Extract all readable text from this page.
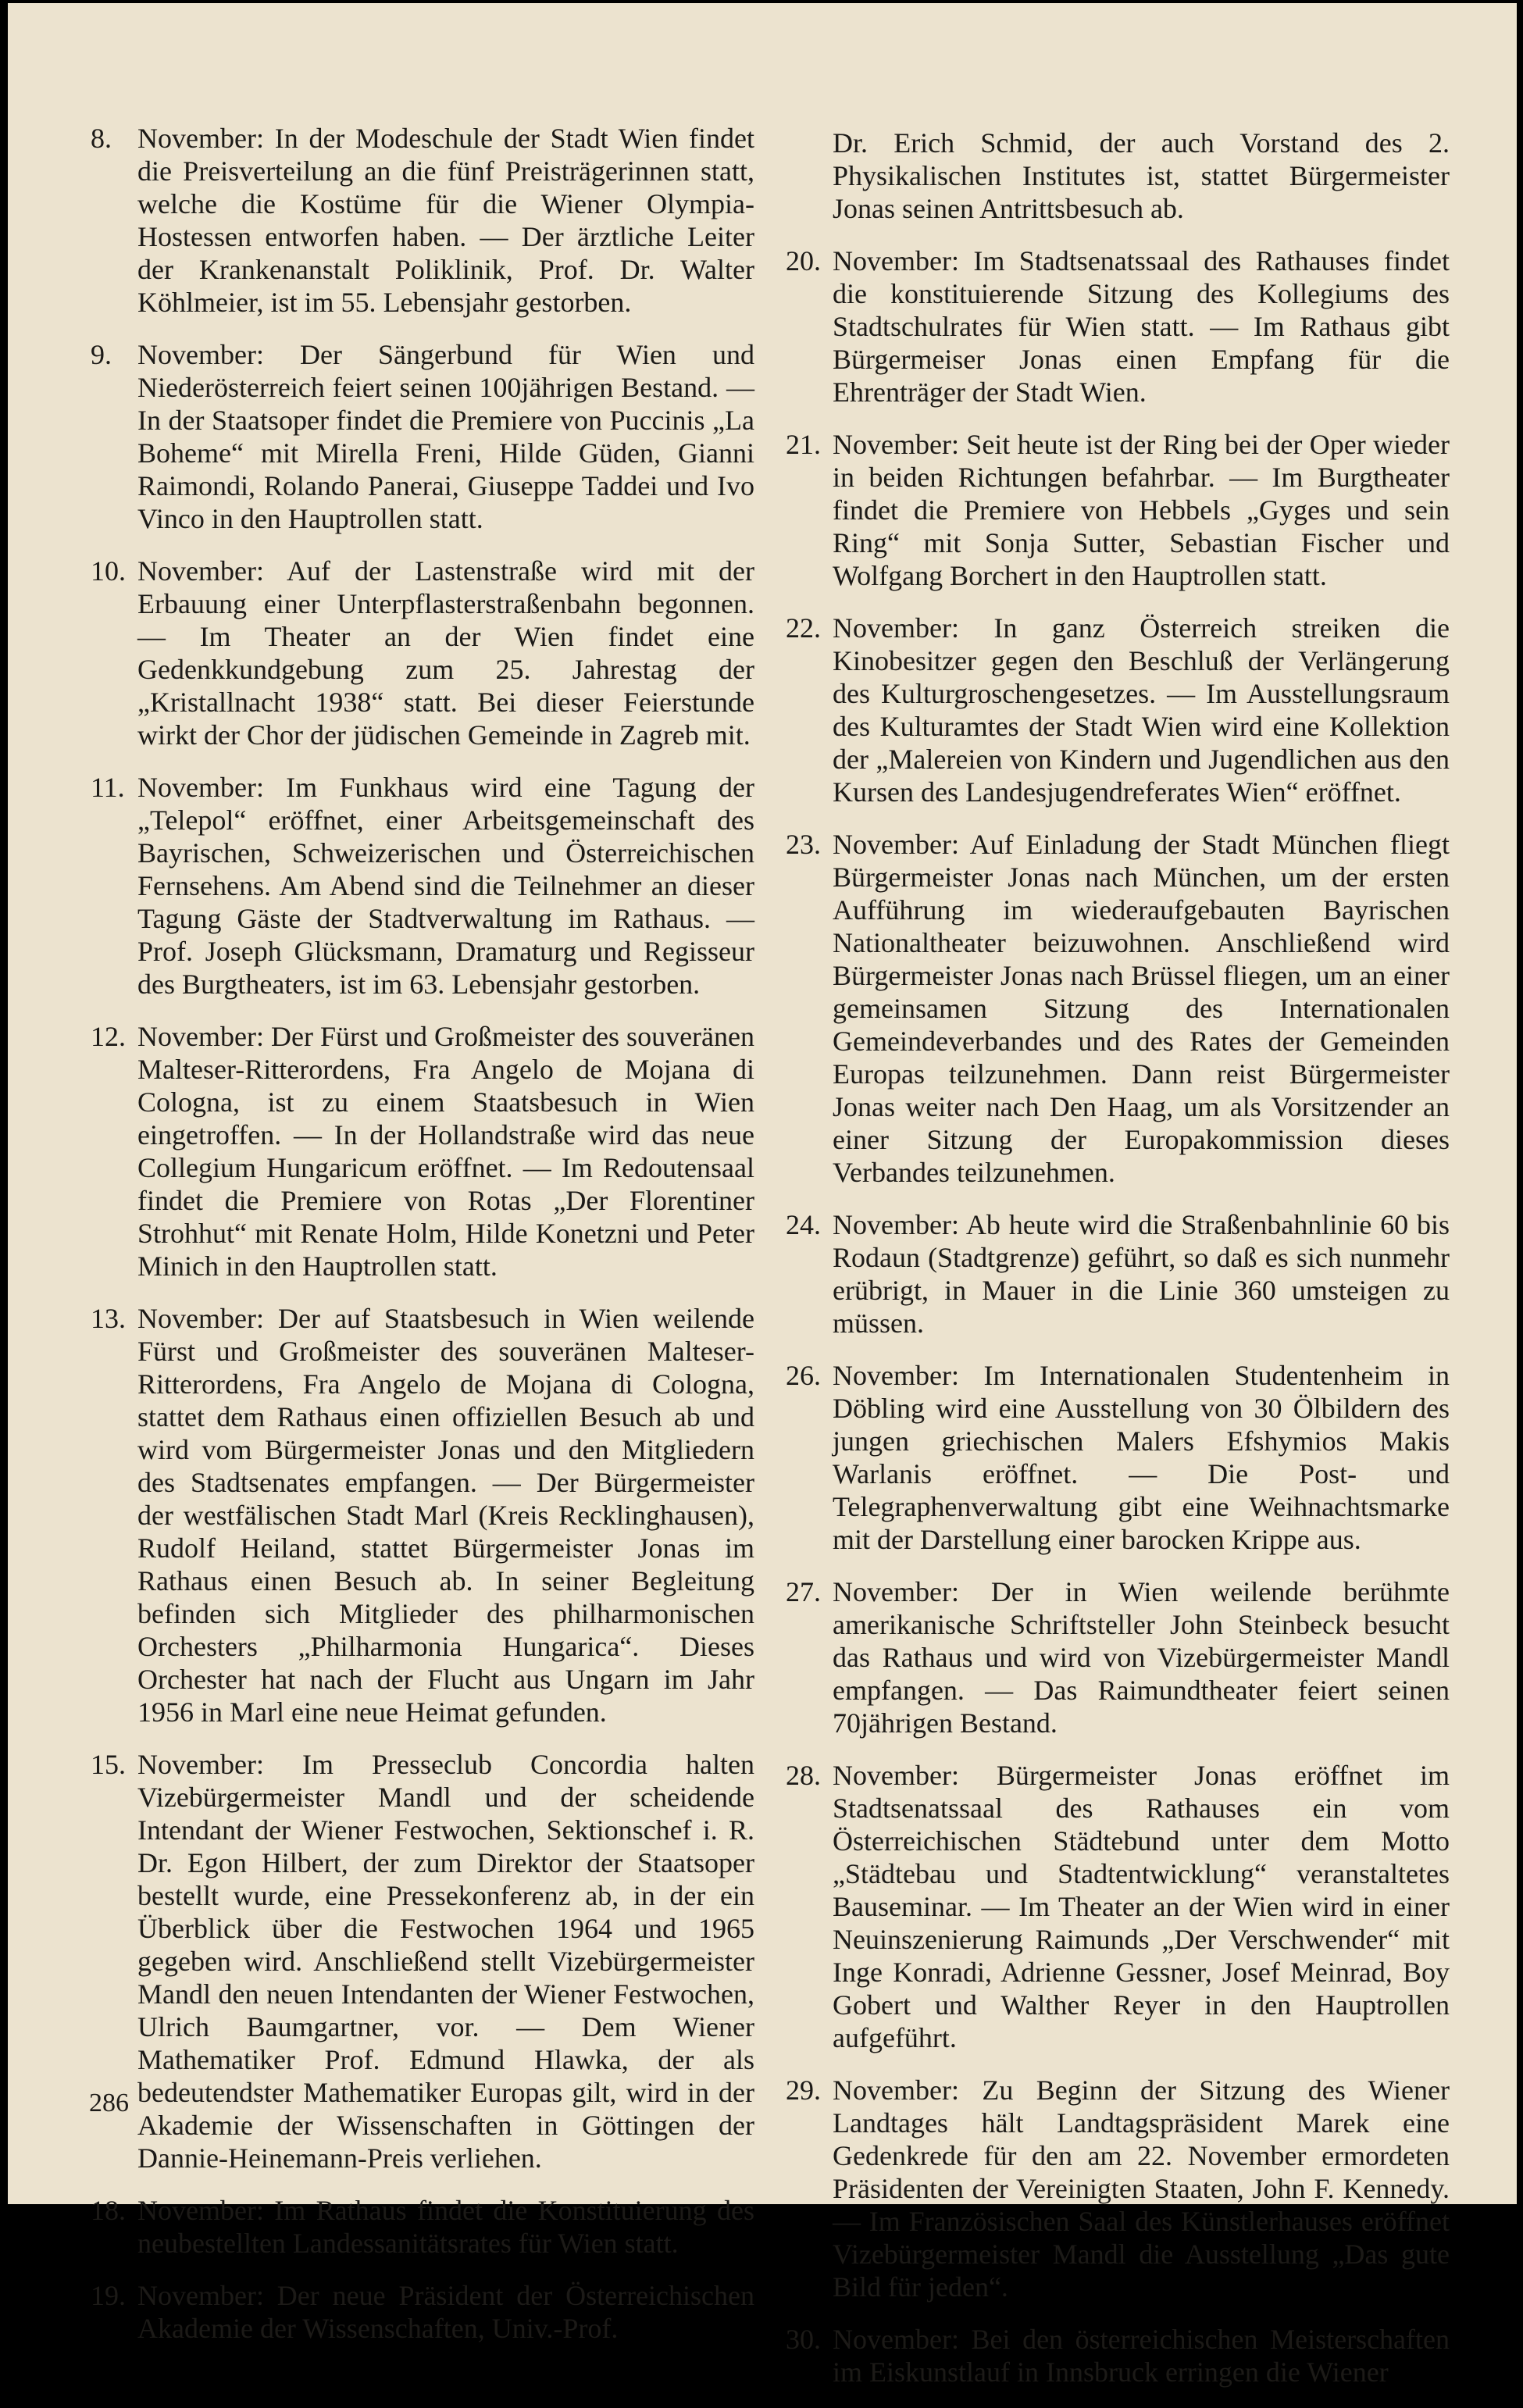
8. November: In der Modeschule der Stadt Wien findet die Preisverteilung an die fünf Preisträgerinnen statt, welche die Kostüme für die Wiener Olympia-Hostessen entworfen haben. — Der ärztliche Leiter der Krankenanstalt Poliklinik, Prof. Dr. Walter Köhlmeier, ist im 55. Lebensjahr gestorben.
9. November: Der Sängerbund für Wien und Niederösterreich feiert seinen 100jährigen Bestand. — In der Staatsoper findet die Premiere von Puccinis „La Boheme“ mit Mirella Freni, Hilde Güden, Gianni Raimondi, Rolando Panerai, Giuseppe Taddei und Ivo Vinco in den Hauptrollen statt.
10. November: Auf der Lastenstraße wird mit der Erbauung einer Unterpflasterstraßenbahn begonnen. — Im Theater an der Wien findet eine Gedenkkundgebung zum 25. Jahrestag der „Kristallnacht 1938“ statt. Bei dieser Feierstunde wirkt der Chor der jüdischen Gemeinde in Zagreb mit.
11. November: Im Funkhaus wird eine Tagung der „Telepol“ eröffnet, einer Arbeitsgemeinschaft des Bayrischen, Schweizerischen und Österreichischen Fernsehens. Am Abend sind die Teilnehmer an dieser Tagung Gäste der Stadtverwaltung im Rathaus. — Prof. Joseph Glücksmann, Dramaturg und Regisseur des Burgtheaters, ist im 63. Lebensjahr gestorben.
12. November: Der Fürst und Großmeister des souveränen Malteser-Ritterordens, Fra Angelo de Mojana di Cologna, ist zu einem Staatsbesuch in Wien eingetroffen. — In der Hollandstraße wird das neue Collegium Hungaricum eröffnet. — Im Redoutensaal findet die Premiere von Rotas „Der Florentiner Strohhut“ mit Renate Holm, Hilde Konetzni und Peter Minich in den Hauptrollen statt.
13. November: Der auf Staatsbesuch in Wien weilende Fürst und Großmeister des souveränen Malteser-Ritterordens, Fra Angelo de Mojana di Cologna, stattet dem Rathaus einen offiziellen Besuch ab und wird vom Bürgermeister Jonas und den Mitgliedern des Stadtsenates empfangen. — Der Bürgermeister der westfälischen Stadt Marl (Kreis Recklinghausen), Rudolf Heiland, stattet Bürgermeister Jonas im Rathaus einen Besuch ab. In seiner Begleitung befinden sich Mitglieder des philharmonischen Orchesters „Philharmonia Hungarica“. Dieses Orchester hat nach der Flucht aus Ungarn im Jahr 1956 in Marl eine neue Heimat gefunden.
15. November: Im Presseclub Concordia halten Vizebürgermeister Mandl und der scheidende Intendant der Wiener Festwochen, Sektionschef i. R. Dr. Egon Hilbert, der zum Direktor der Staatsoper bestellt wurde, eine Pressekonferenz ab, in der ein Überblick über die Festwochen 1964 und 1965 gegeben wird. Anschließend stellt Vizebürgermeister Mandl den neuen Intendanten der Wiener Festwochen, Ulrich Baumgartner, vor. — Dem Wiener Mathematiker Prof. Edmund Hlawka, der als bedeutendster Mathematiker Europas gilt, wird in der Akademie der Wissenschaften in Göttingen der Dannie-Heinemann-Preis verliehen.
18. November: Im Rathaus findet die Konstituierung des neubestellten Landessanitätsrates für Wien statt.
19. November: Der neue Präsident der Österreichischen Akademie der Wissenschaften, Univ.-Prof.
Dr. Erich Schmid, der auch Vorstand des 2. Physikalischen Institutes ist, stattet Bürgermeister Jonas seinen Antrittsbesuch ab.
20. November: Im Stadtsenatssaal des Rathauses findet die konstituierende Sitzung des Kollegiums des Stadtschulrates für Wien statt. — Im Rathaus gibt Bürgermeiser Jonas einen Empfang für die Ehrenträger der Stadt Wien.
21. November: Seit heute ist der Ring bei der Oper wieder in beiden Richtungen befahrbar. — Im Burgtheater findet die Premiere von Hebbels „Gyges und sein Ring“ mit Sonja Sutter, Sebastian Fischer und Wolfgang Borchert in den Hauptrollen statt.
22. November: In ganz Österreich streiken die Kinobesitzer gegen den Beschluß der Verlängerung des Kulturgroschengesetzes. — Im Ausstellungsraum des Kulturamtes der Stadt Wien wird eine Kollektion der „Malereien von Kindern und Jugendlichen aus den Kursen des Landesjugendreferates Wien“ eröffnet.
23. November: Auf Einladung der Stadt München fliegt Bürgermeister Jonas nach München, um der ersten Aufführung im wiederaufgebauten Bayrischen Nationaltheater beizuwohnen. Anschließend wird Bürgermeister Jonas nach Brüssel fliegen, um an einer gemeinsamen Sitzung des Internationalen Gemeindeverbandes und des Rates der Gemeinden Europas teilzunehmen. Dann reist Bürgermeister Jonas weiter nach Den Haag, um als Vorsitzender an einer Sitzung der Europakommission dieses Verbandes teilzunehmen.
24. November: Ab heute wird die Straßenbahnlinie 60 bis Rodaun (Stadtgrenze) geführt, so daß es sich nunmehr erübrigt, in Mauer in die Linie 360 umsteigen zu müssen.
26. November: Im Internationalen Studentenheim in Döbling wird eine Ausstellung von 30 Ölbildern des jungen griechischen Malers Efshymios Makis Warlanis eröffnet. — Die Post- und Telegraphenverwaltung gibt eine Weihnachtsmarke mit der Darstellung einer barocken Krippe aus.
27. November: Der in Wien weilende berühmte amerikanische Schriftsteller John Steinbeck besucht das Rathaus und wird von Vizebürgermeister Mandl empfangen. — Das Raimundtheater feiert seinen 70jährigen Bestand.
28. November: Bürgermeister Jonas eröffnet im Stadtsenatssaal des Rathauses ein vom Österreichischen Städtebund unter dem Motto „Städtebau und Stadtentwicklung“ veranstaltetes Bauseminar. — Im Theater an der Wien wird in einer Neuinszenierung Raimunds „Der Verschwender“ mit Inge Konradi, Adrienne Gessner, Josef Meinrad, Boy Gobert und Walther Reyer in den Hauptrollen aufgeführt.
29. November: Zu Beginn der Sitzung des Wiener Landtages hält Landtagspräsident Marek eine Gedenkrede für den am 22. November ermordeten Präsidenten der Vereinigten Staaten, John F. Kennedy. — Im Französischen Saal des Künstlerhauses eröffnet Vizebürgermeister Mandl die Ausstellung „Das gute Bild für jeden“.
30. November: Bei den österreichischen Meisterschaften im Eiskunstlauf in Innsbruck erringen die Wiener
286
